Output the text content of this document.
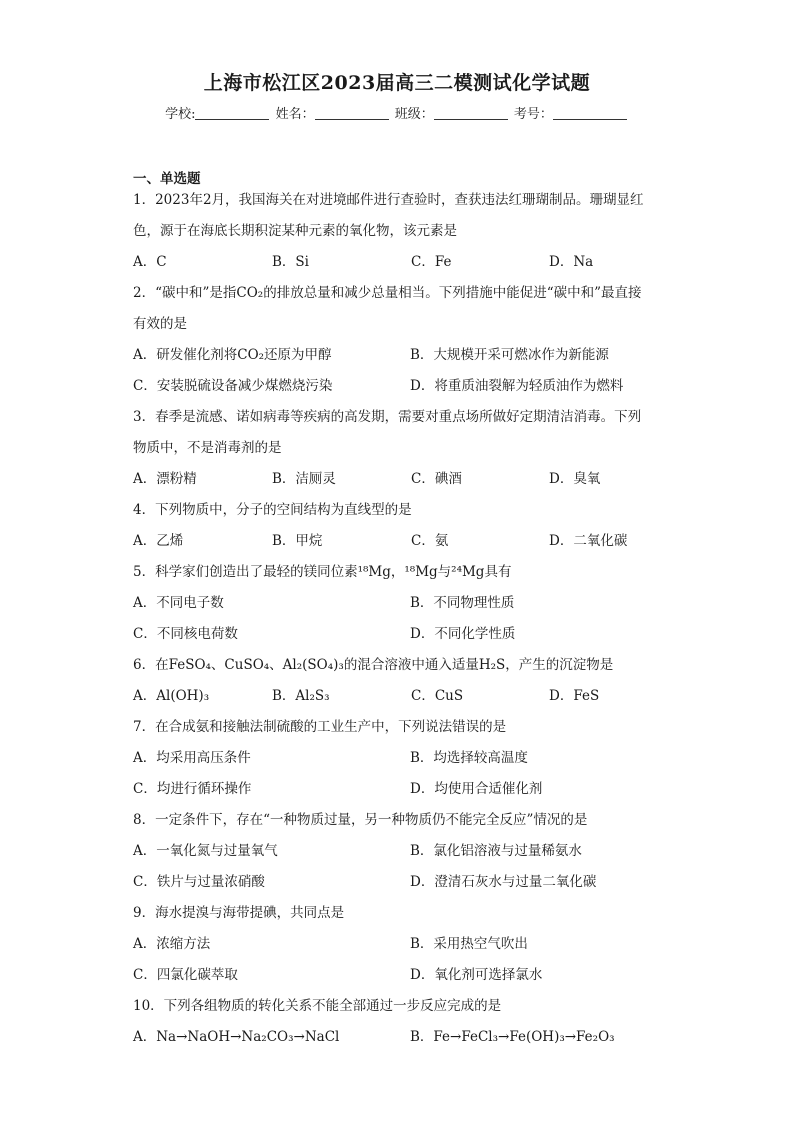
上海市松江区2023届高三二模测试化学试题
学校:	姓名：	班级：	考号：
一、单选题
1．2023年2月，我国海关在对进境邮件进行查验时，查获违法红珊瑚制品。珊瑚显红
色，源于在海底长期积淀某种元素的氧化物，该元素是
A．C	B．Si	C．Fe	D．Na
2．“碳中和”是指CO₂的排放总量和减少总量相当。下列措施中能促进“碳中和”最直接
有效的是
A．研发催化剂将CO₂还原为甲醇	B．大规模开采可燃冰作为新能源
C．安装脱硫设备减少煤燃烧污染	D．将重质油裂解为轻质油作为燃料
3．春季是流感、诺如病毒等疾病的高发期，需要对重点场所做好定期清洁消毒。下列
物质中，不是消毒剂的是
A．漂粉精	B．洁厕灵	C．碘酒	D．臭氧
4．下列物质中，分子的空间结构为直线型的是
A．乙烯	B．甲烷	C．氨	D．二氧化碳
5．科学家们创造出了最轻的镁同位素¹⁸Mg，¹⁸Mg与²⁴Mg具有
A．不同电子数	B．不同物理性质
C．不同核电荷数	D．不同化学性质
6．在FeSO₄、CuSO₄、Al₂(SO₄)₃的混合溶液中通入适量H₂S，产生的沉淀物是
A．Al(OH)₃	B．Al₂S₃	C．CuS	D．FeS
7．在合成氨和接触法制硫酸的工业生产中，下列说法错误的是
A．均采用高压条件	B．均选择较高温度
C．均进行循环操作	D．均使用合适催化剂
8．一定条件下，存在“一种物质过量，另一种物质仍不能完全反应”情况的是
A．一氧化氮与过量氧气	B．氯化铝溶液与过量稀氨水
C．铁片与过量浓硝酸	D．澄清石灰水与过量二氧化碳
9．海水提溴与海带提碘，共同点是
A．浓缩方法	B．采用热空气吹出
C．四氯化碳萃取	D．氧化剂可选择氯水
10．下列各组物质的转化关系不能全部通过一步反应完成的是
A．Na→NaOH→Na₂CO₃→NaCl	B．Fe→FeCl₃→Fe(OH)₃→Fe₂O₃
